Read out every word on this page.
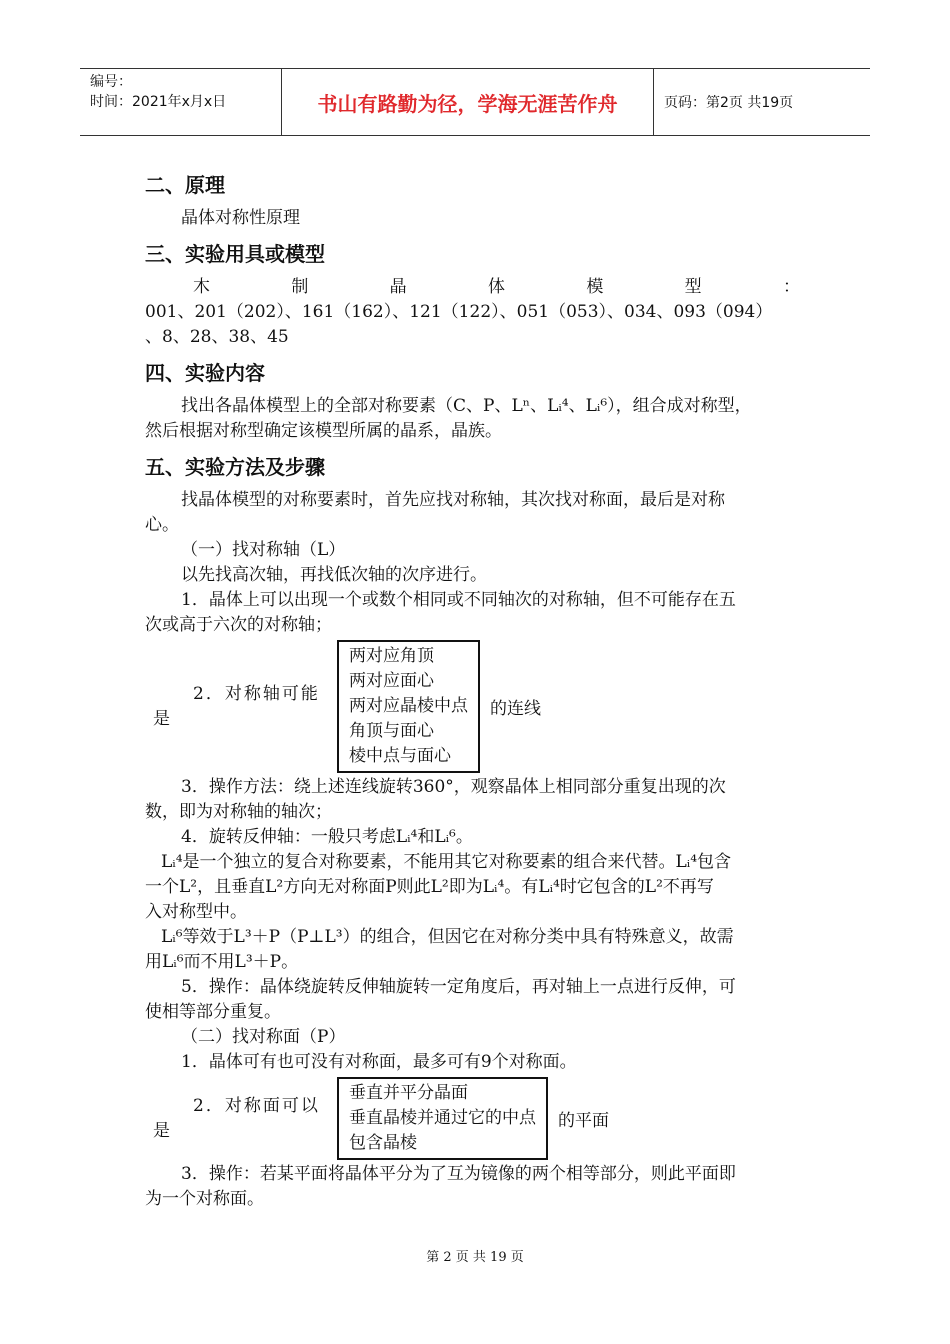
编号：
时间：2021年x月x日	书山有路勤为径，学海无涯苦作舟	页码：第2页 共19页
二、原理

晶体对称性原理

三、实验用具或模型

木	制	晶	体	模	型	：

001、201（202）、161（162）、121（122）、051（053）、034、093（094）

、8、28、38、45

四、实验内容

找出各晶体模型上的全部对称要素（C、P、Lⁿ、Lᵢ⁴、Lᵢ⁶），组合成对称型，

然后根据对称型确定该模型所属的晶系，晶族。

五、实验方法及步骤

找晶体模型的对称要素时，首先应找对称轴，其次找对称面，最后是对称

心。

（一）找对称轴（L）

以先找高次轴，再找低次轴的次序进行。

1．晶体上可以出现一个或数个相同或不同轴次的对称轴，但不可能存在五

次或高于六次的对称轴；

2．对称轴可能
是
两对应角顶
两对应面心
两对应晶棱中点
角顶与面心
棱中点与面心
的连线

3．操作方法：绕上述连线旋转360°，观察晶体上相同部分重复出现的次

数，即为对称轴的轴次；

4．旋转反伸轴：一般只考虑Lᵢ⁴和Lᵢ⁶。

Lᵢ⁴是一个独立的复合对称要素，不能用其它对称要素的组合来代替。Lᵢ⁴包含

一个L²，且垂直L²方向无对称面P则此L²即为Lᵢ⁴。有Lᵢ⁴时它包含的L²不再写

入对称型中。

Lᵢ⁶等效于L³＋P（P⊥L³）的组合，但因它在对称分类中具有特殊意义，故需

用Lᵢ⁶而不用L³＋P。

5．操作：晶体绕旋转反伸轴旋转一定角度后，再对轴上一点进行反伸，可

使相等部分重复。

（二）找对称面（P）

1．晶体可有也可没有对称面，最多可有9个对称面。

2．对称面可以
是
垂直并平分晶面
垂直晶棱并通过它的中点
包含晶棱
的平面

3．操作：若某平面将晶体平分为了互为镜像的两个相等部分，则此平面即

为一个对称面。

第 2 页 共 19 页
